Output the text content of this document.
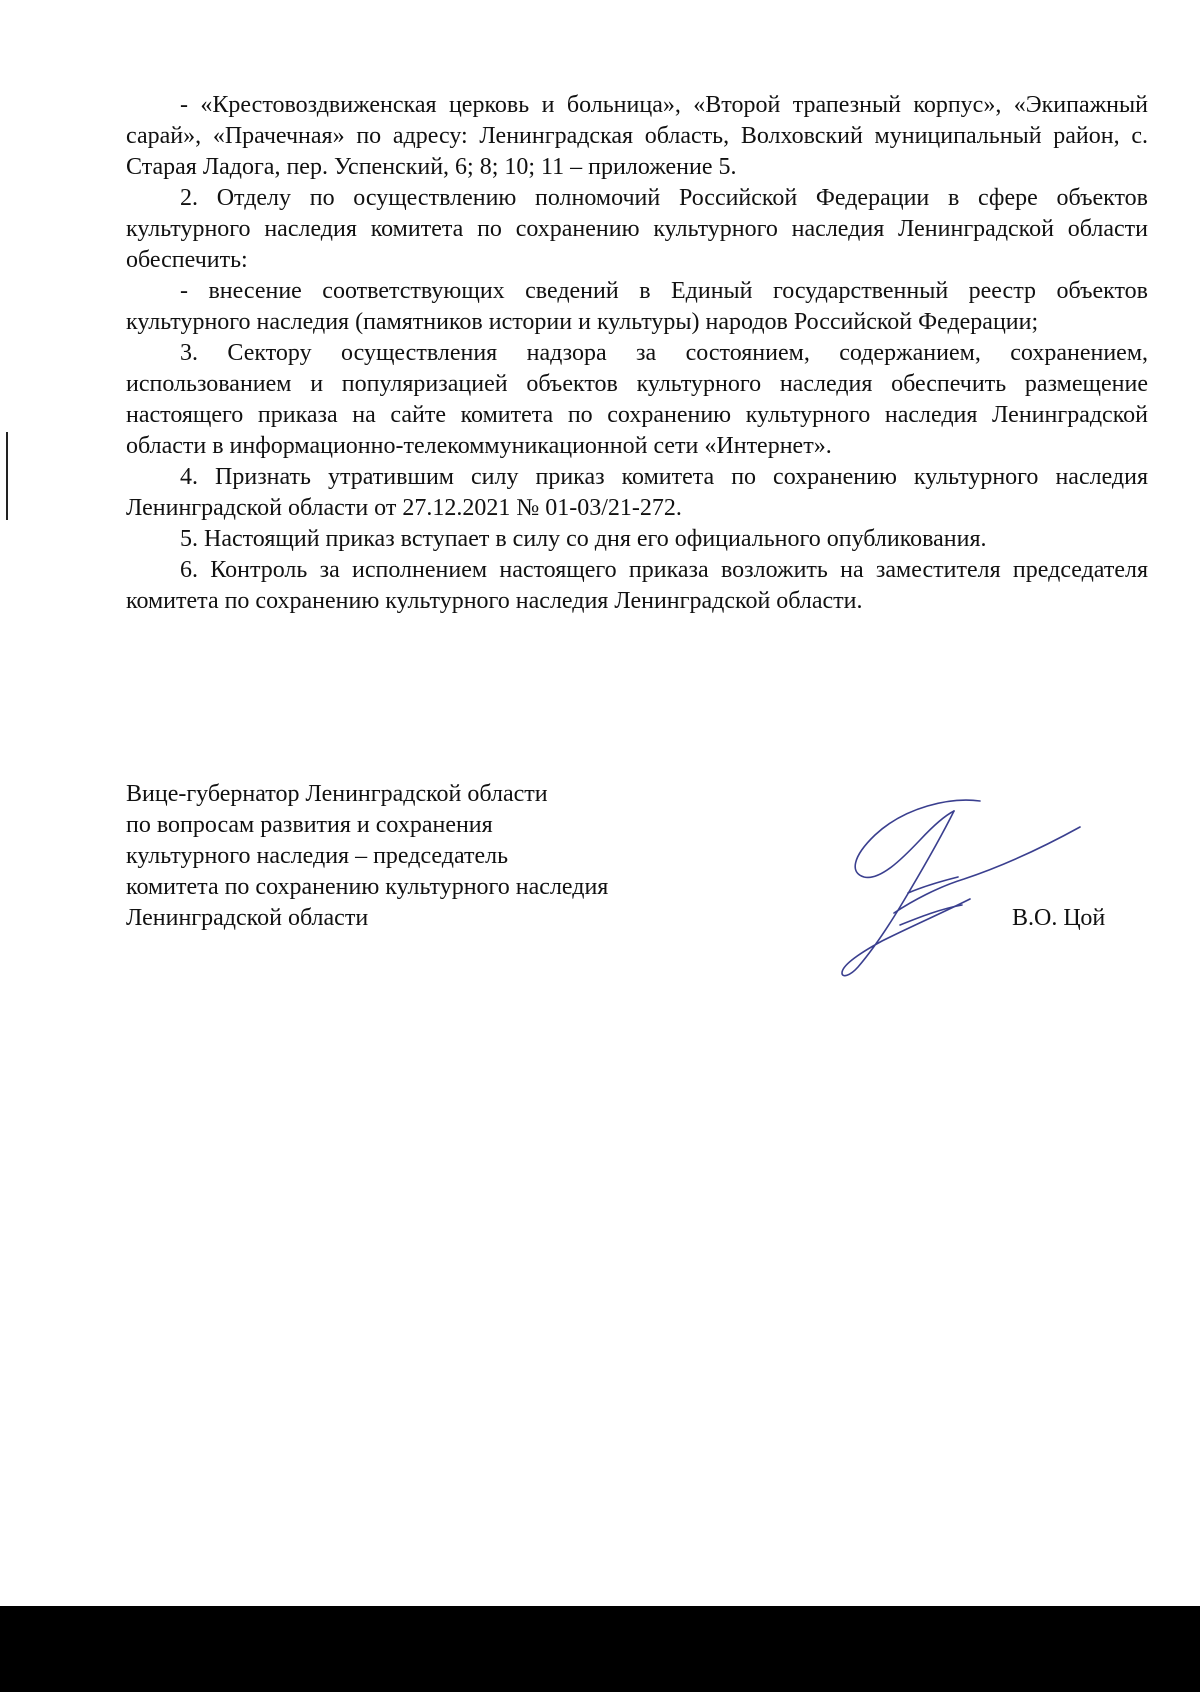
- «Крестовоздвиженская церковь и больница», «Второй трапезный корпус», «Экипажный сарай», «Прачечная» по адресу: Ленинградская область, Волховский муниципальный район, с. Старая Ладога, пер. Успенский, 6; 8; 10; 11 – приложение 5.

2. Отделу по осуществлению полномочий Российской Федерации в сфере объектов культурного наследия комитета по сохранению культурного наследия Ленинградской области обеспечить:

- внесение соответствующих сведений в Единый государственный реестр объектов культурного наследия (памятников истории и культуры) народов Российской Федерации;

3. Сектору осуществления надзора за состоянием, содержанием, сохранением, использованием и популяризацией объектов культурного наследия обеспечить размещение настоящего приказа на сайте комитета по сохранению культурного наследия Ленинградской области в информационно-телекоммуникационной сети «Интернет».

4. Признать утратившим силу приказ комитета по сохранению культурного наследия Ленинградской области от 27.12.2021 № 01-03/21-272.

5. Настоящий приказ вступает в силу со дня его официального опубликования.

6. Контроль за исполнением настоящего приказа возложить на заместителя председателя комитета по сохранению культурного наследия Ленинградской области.

Вице-губернатор Ленинградской области
по вопросам развития и сохранения
культурного наследия – председатель
комитета по сохранению культурного наследия
Ленинградской области	В.О. Цой
